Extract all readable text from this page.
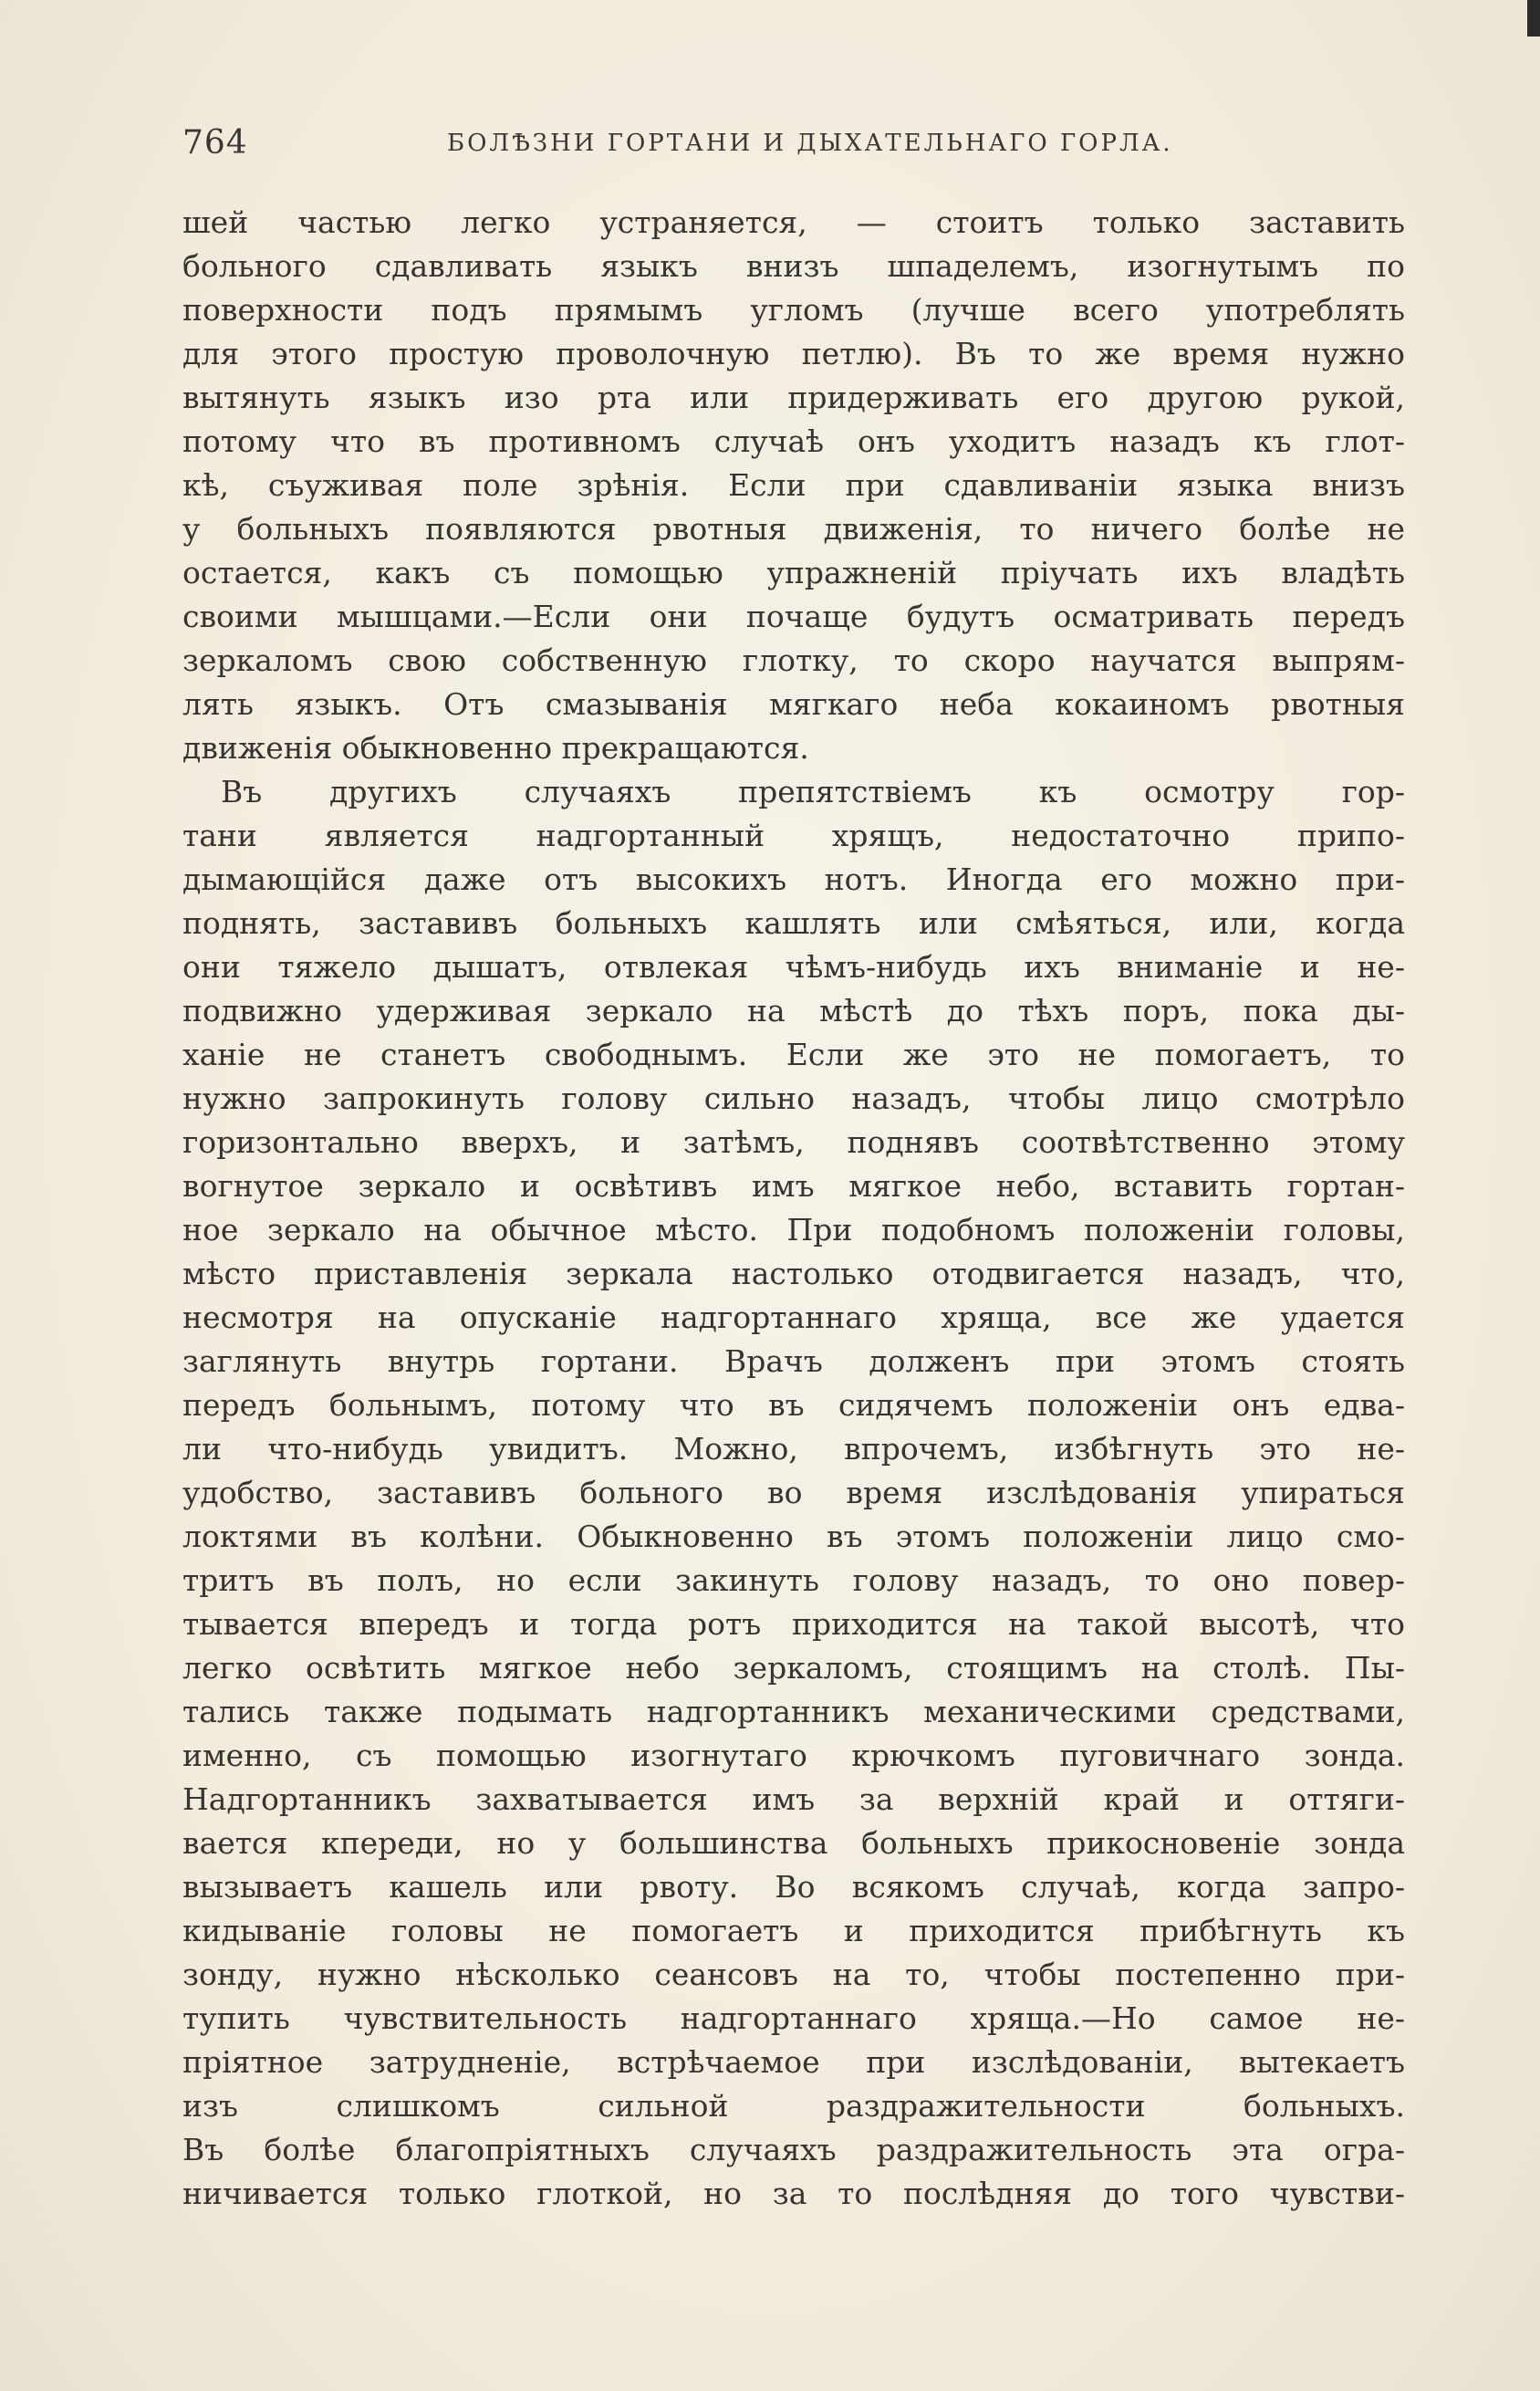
764	БОЛѢЗНИ ГОРТАНИ И ДЫХАТЕЛЬНАГО ГОРЛА.
шей частью легко устраняется, — стоитъ только заставить
больного сдавливать языкъ внизъ шпаделемъ, изогнутымъ по
поверхности подъ прямымъ угломъ (лучше всего употреблять
для этого простую проволочную петлю). Въ то же время нужно
вытянуть языкъ изо рта или придерживать его другою рукой,
потому что въ противномъ случаѣ онъ уходитъ назадъ къ глот-
кѣ, съуживая поле зрѣнія. Если при сдавливаніи языка внизъ
у больныхъ появляются рвотныя движенія, то ничего болѣе не
остается, какъ съ помощью упражненій пріучать ихъ владѣть
своими мышцами.—Если они почаще будутъ осматривать передъ
зеркаломъ свою собственную глотку, то скоро научатся выпрям-
лять языкъ. Отъ смазыванія мягкаго неба кокаиномъ рвотныя
движенія обыкновенно прекращаются.
Въ другихъ случаяхъ препятствіемъ къ осмотру гор-
тани является надгортанный хрящъ, недостаточно припо-
дымающійся даже отъ высокихъ нотъ. Иногда его можно при-
поднять, заставивъ больныхъ кашлять или смѣяться, или, когда
они тяжело дышатъ, отвлекая чѣмъ-нибудь ихъ вниманіе и не-
подвижно удерживая зеркало на мѣстѣ до тѣхъ поръ, пока ды-
ханіе не станетъ свободнымъ. Если же это не помогаетъ, то
нужно запрокинуть голову сильно назадъ, чтобы лицо смотрѣло
горизонтально вверхъ, и затѣмъ, поднявъ соотвѣтственно этому
вогнутое зеркало и освѣтивъ имъ мягкое небо, вставить гортан-
ное зеркало на обычное мѣсто. При подобномъ положеніи головы,
мѣсто приставленія зеркала настолько отодвигается назадъ, что,
несмотря на опусканіе надгортаннаго хряща, все же удается
заглянуть внутрь гортани. Врачъ долженъ при этомъ стоять
передъ больнымъ, потому что въ сидячемъ положеніи онъ едва-
ли что-нибудь увидитъ. Можно, впрочемъ, избѣгнуть это не-
удобство, заставивъ больного во время изслѣдованія упираться
локтями въ колѣни. Обыкновенно въ этомъ положеніи лицо смо-
тритъ въ полъ, но если закинуть голову назадъ, то оно повер-
тывается впередъ и тогда ротъ приходится на такой высотѣ, что
легко освѣтить мягкое небо зеркаломъ, стоящимъ на столѣ. Пы-
тались также подымать надгортанникъ механическими средствами,
именно, съ помощью изогнутаго крючкомъ пуговичнаго зонда.
Надгортанникъ захватывается имъ за верхній край и оттяги-
вается кпереди, но у большинства больныхъ прикосновеніе зонда
вызываетъ кашель или рвоту. Во всякомъ случаѣ, когда запро-
кидываніе головы не помогаетъ и приходится прибѣгнуть къ
зонду, нужно нѣсколько сеансовъ на то, чтобы постепенно при-
тупить чувствительность надгортаннаго хряща.—Но самое не-
пріятное затрудненіе, встрѣчаемое при изслѣдованіи, вытекаетъ
изъ слишкомъ сильной раздражительности больныхъ.
Въ болѣе благопріятныхъ случаяхъ раздражительность эта огра-
ничивается только глоткой, но за то послѣдняя до того чувстви-
